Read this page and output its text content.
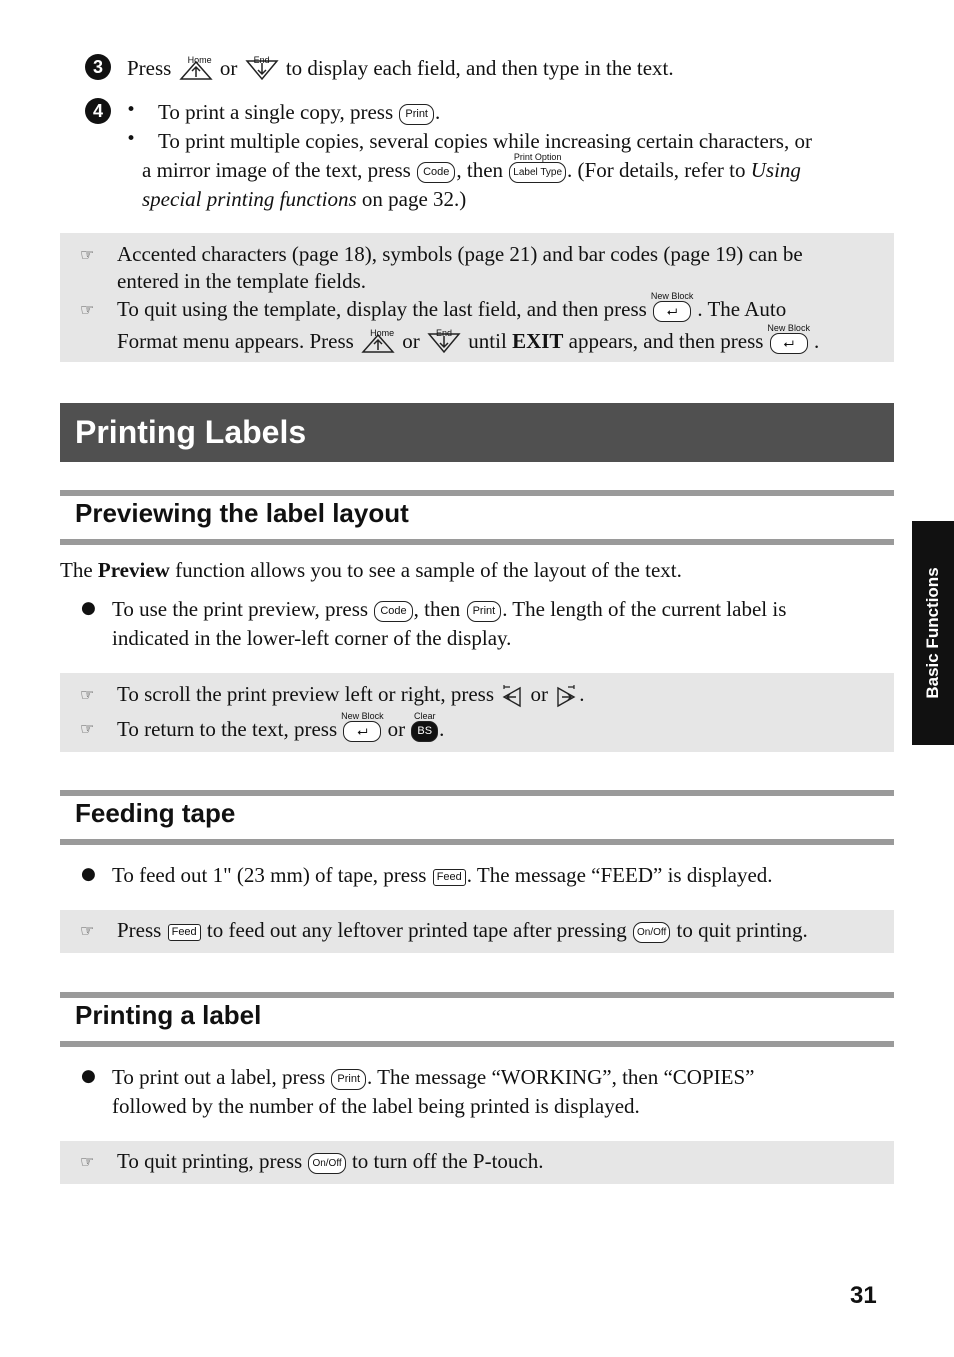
3	Press Home or End to display each field, and then type in the text.
4	• To print a single copy, press Print .
• To print multiple copies, several copies while increasing certain characters, or
a mirror image of the text, press Code , then
Print Option
Label Type . (For details, refer to Using
special printing functions on page 32.)
☞ Accented characters (page 18), symbols (page 21) and bar codes (page 19) can be
entered in the template fields.
☞ To quit using the template, display the last field, and then press
New Block
⮠ . The Auto
Format menu appears. Press Home or End until EXIT appears, and then press
New Block
⮠ .
Printing Labels
Previewing the label layout
The Preview function allows you to see a sample of the layout of the text.
● To use the print preview, press Code , then Print . The length of the current label is
indicated in the lower-left corner of the display.
☞ To scroll the print preview left or right, press or .
☞ To return to the text, press
New Block
⮠ or
Clear
BS .
Feeding tape
● To feed out 1" (23 mm) of tape, press Feed . The message “FEED” is displayed.
☞ Press Feed to feed out any leftover printed tape after pressing On/Off to quit printing.
Printing a label
● To print out a label, press Print . The message “WORKING”, then “COPIES”
followed by the number of the label being printed is displayed.
☞ To quit printing, press On/Off to turn off the P-touch.
Basic Functions
31
